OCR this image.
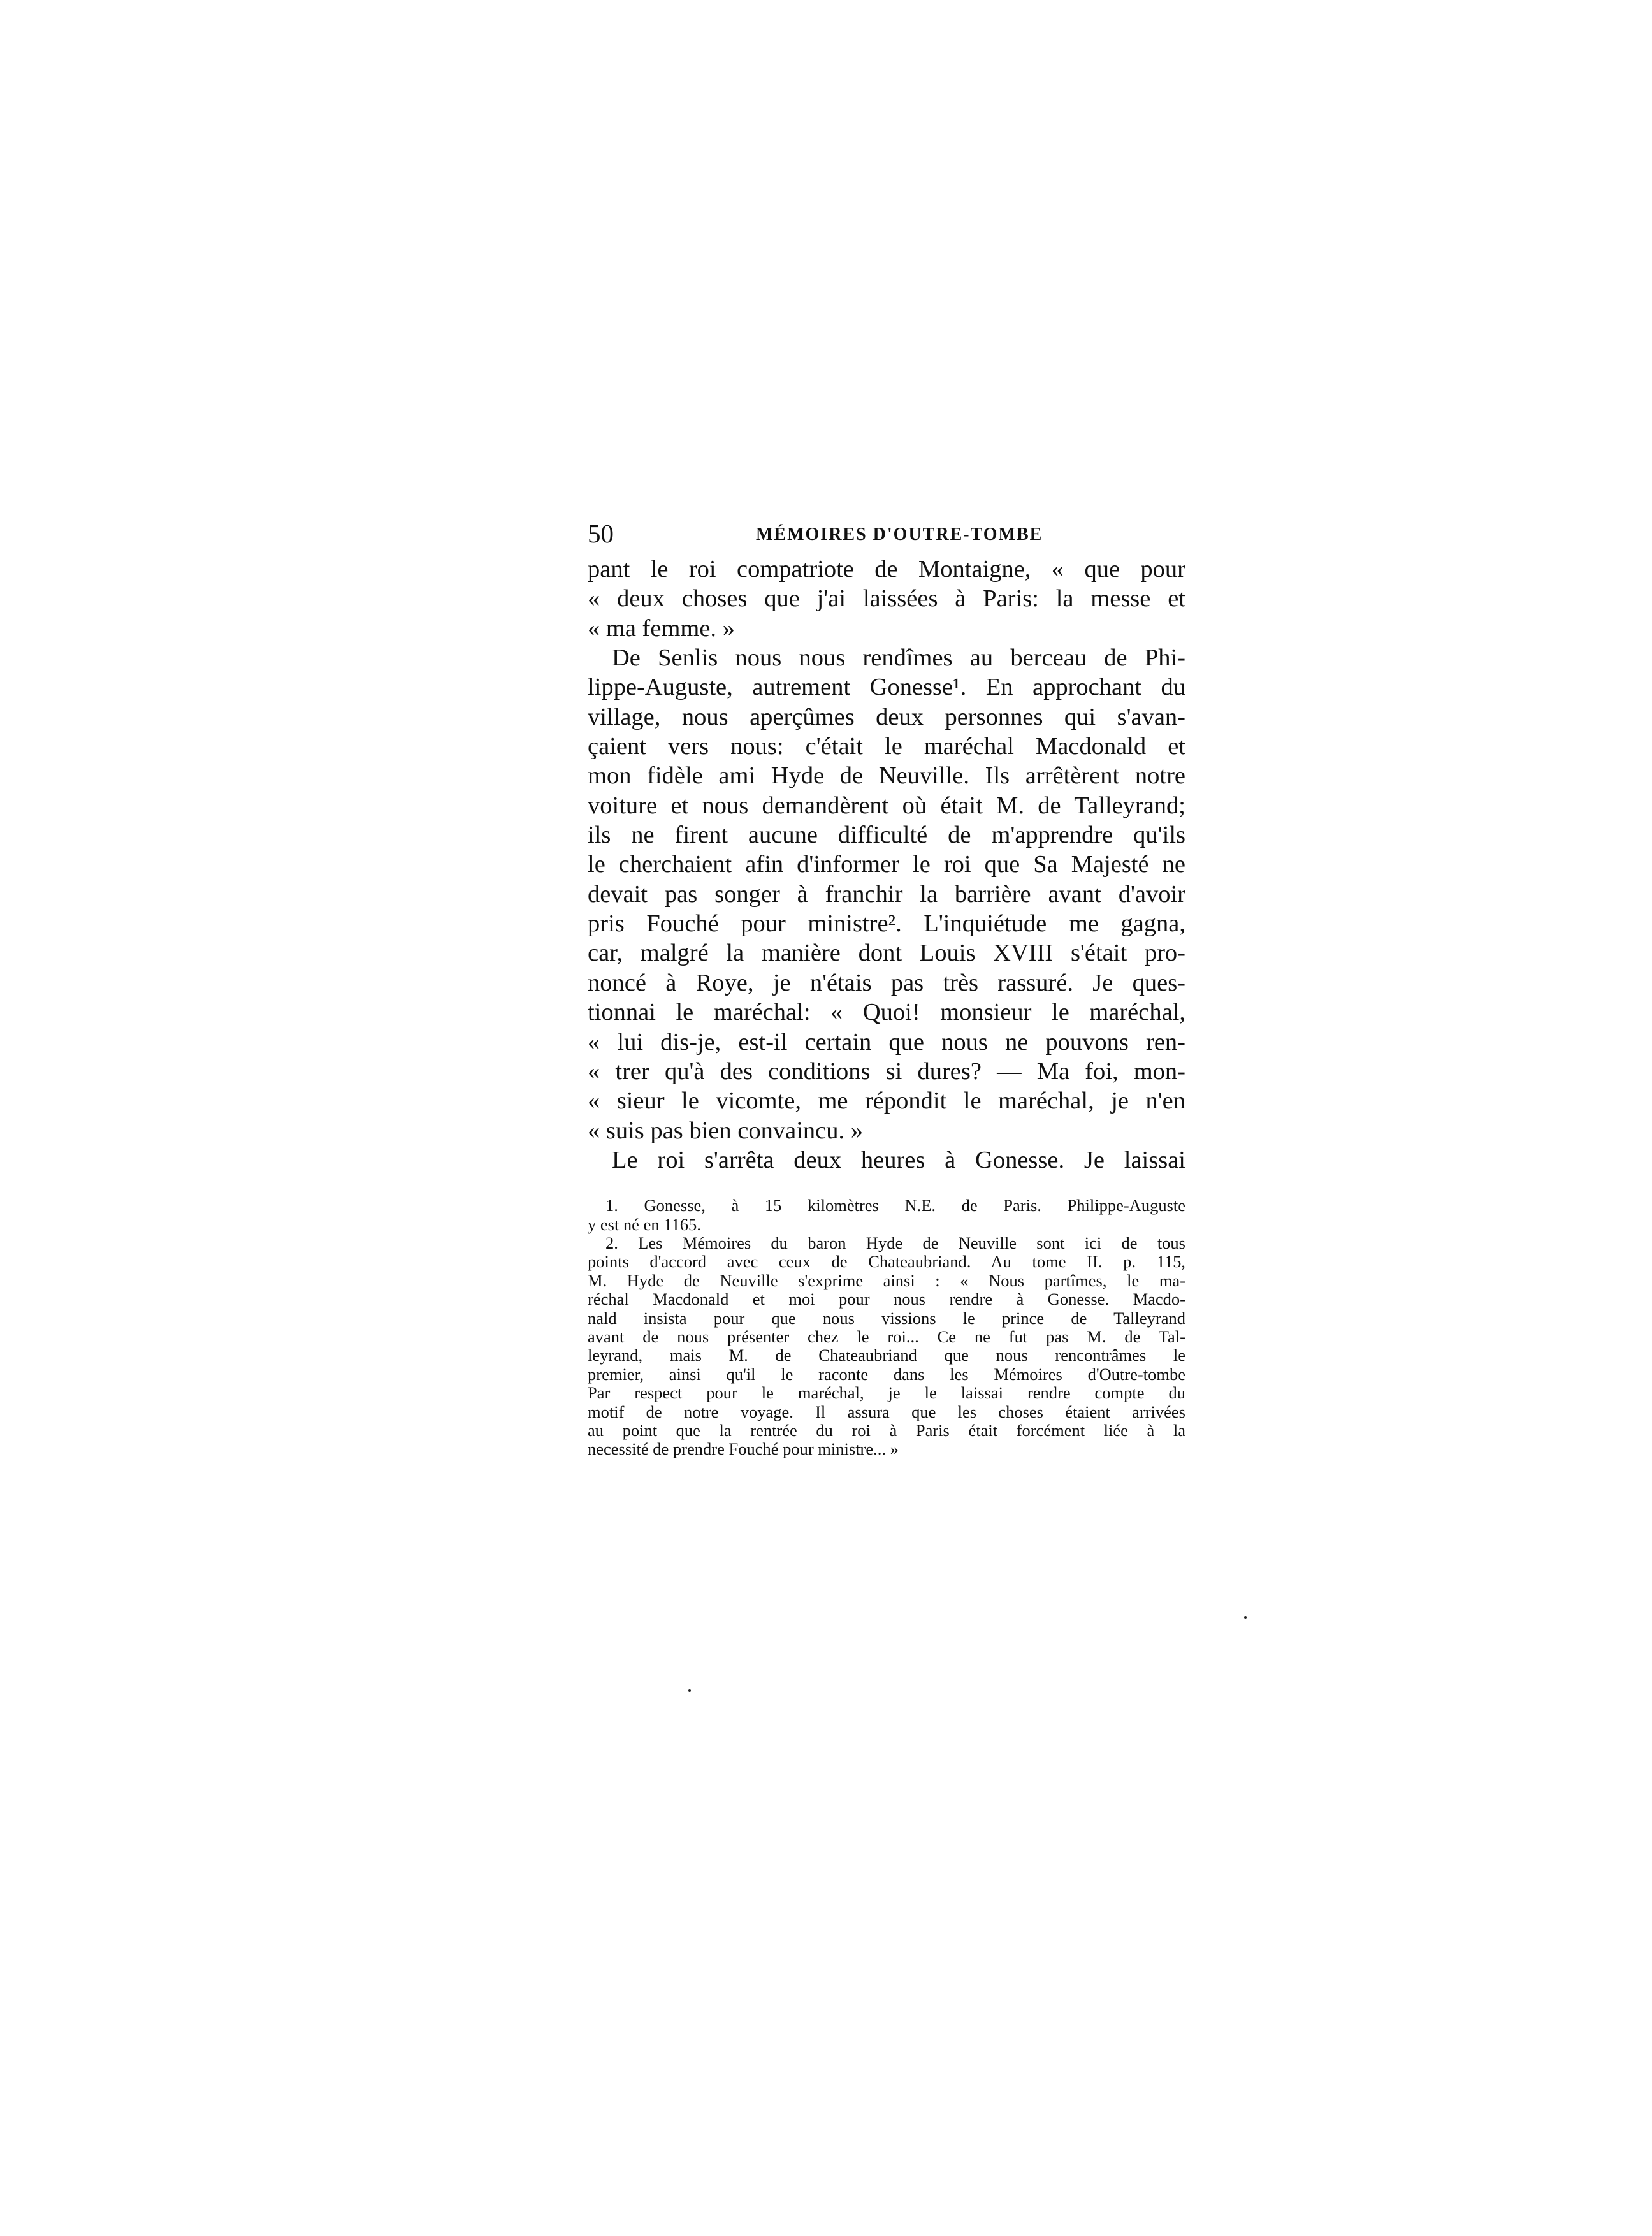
50	MÉMOIRES D'OUTRE-TOMBE
pant le roi compatriote de Montaigne, « que pour
« deux choses que j'ai laissées à Paris: la messe et
« ma femme. »
De Senlis nous nous rendîmes au berceau de Phi-
lippe-Auguste, autrement Gonesse¹. En approchant du
village, nous aperçûmes deux personnes qui s'avan-
çaient vers nous: c'était le maréchal Macdonald et
mon fidèle ami Hyde de Neuville. Ils arrêtèrent notre
voiture et nous demandèrent où était M. de Talleyrand;
ils ne firent aucune difficulté de m'apprendre qu'ils
le cherchaient afin d'informer le roi que Sa Majesté ne
devait pas songer à franchir la barrière avant d'avoir
pris Fouché pour ministre². L'inquiétude me gagna,
car, malgré la manière dont Louis XVIII s'était pro-
noncé à Roye, je n'étais pas très rassuré. Je ques-
tionnai le maréchal: « Quoi! monsieur le maréchal,
« lui dis-je, est-il certain que nous ne pouvons ren-
« trer qu'à des conditions si dures? — Ma foi, mon-
« sieur le vicomte, me répondit le maréchal, je n'en
« suis pas bien convaincu. »
Le roi s'arrêta deux heures à Gonesse. Je laissai
1. Gonesse, à 15 kilomètres N.E. de Paris. Philippe-Auguste
y est né en 1165.
2. Les Mémoires du baron Hyde de Neuville sont ici de tous
points d'accord avec ceux de Chateaubriand. Au tome II. p. 115,
M. Hyde de Neuville s'exprime ainsi : « Nous partîmes, le ma-
réchal Macdonald et moi pour nous rendre à Gonesse. Macdo-
nald insista pour que nous vissions le prince de Talleyrand
avant de nous présenter chez le roi... Ce ne fut pas M. de Tal-
leyrand, mais M. de Chateaubriand que nous rencontrâmes le
premier, ainsi qu'il le raconte dans les Mémoires d'Outre-tombe
Par respect pour le maréchal, je le laissai rendre compte du
motif de notre voyage. Il assura que les choses étaient arrivées
au point que la rentrée du roi à Paris était forcément liée à la
necessité de prendre Fouché pour ministre... »
